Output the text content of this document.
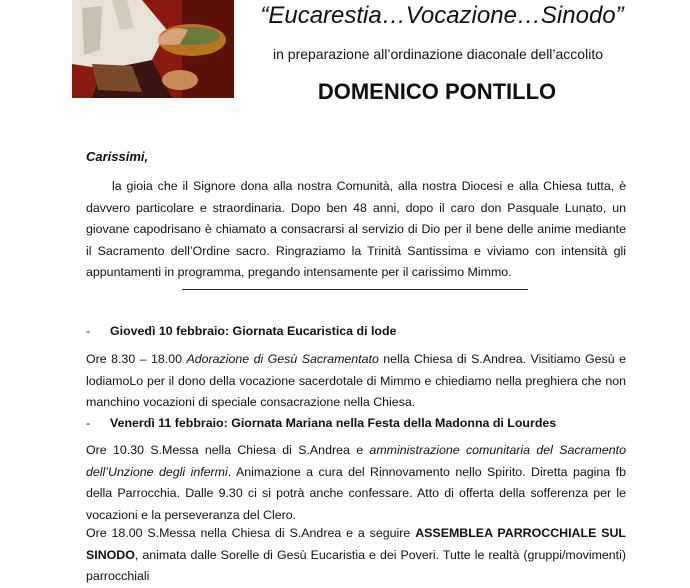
“Eucarestia…Vocazione…Sinodo”
in preparazione all’ordinazione diaconale dell’accolito
DOMENICO PONTILLO
Carissimi,
la gioia che il Signore dona alla nostra Comunità, alla nostra Diocesi e alla Chiesa tutta, è davvero particolare e straordinaria. Dopo ben 48 anni, dopo il caro don Pasquale Lunato, un giovane capodrisano è chiamato a consacrarsi al servizio di Dio per il bene delle anime mediante il Sacramento dell’Ordine sacro. Ringraziamo la Trinità Santissima e viviamo con intensità gli appuntamenti in programma, pregando intensamente per il carissimo Mimmo.
- Giovedì 10 febbraio: Giornata Eucaristica di lode
Ore 8.30 – 18.00 Adorazione di Gesù Sacramentato nella Chiesa di S.Andrea. Visitiamo Gesù e lodiamoLo per il dono della vocazione sacerdotale di Mimmo e chiediamo nella preghiera che non manchino vocazioni di speciale consacrazione nella Chiesa.
- Venerdì 11 febbraio: Giornata Mariana nella Festa della Madonna di Lourdes
Ore 10.30 S.Messa nella Chiesa di S.Andrea e amministrazione comunitaria del Sacramento dell’Unzione degli infermi. Animazione a cura del Rinnovamento nello Spirito. Diretta pagina fb della Parrocchia. Dalle 9.30 ci si potrà anche confessare. Atto di offerta della sofferenza per le vocazioni e la perseveranza del Clero.
Ore 18.00 S.Messa nella Chiesa di S.Andrea e a seguire ASSEMBLEA PARROCCHIALE SUL SINODO, animata dalle Sorelle di Gesù Eucaristia e dei Poveri. Tutte le realtà (gruppi/movimenti) parrocchiali
